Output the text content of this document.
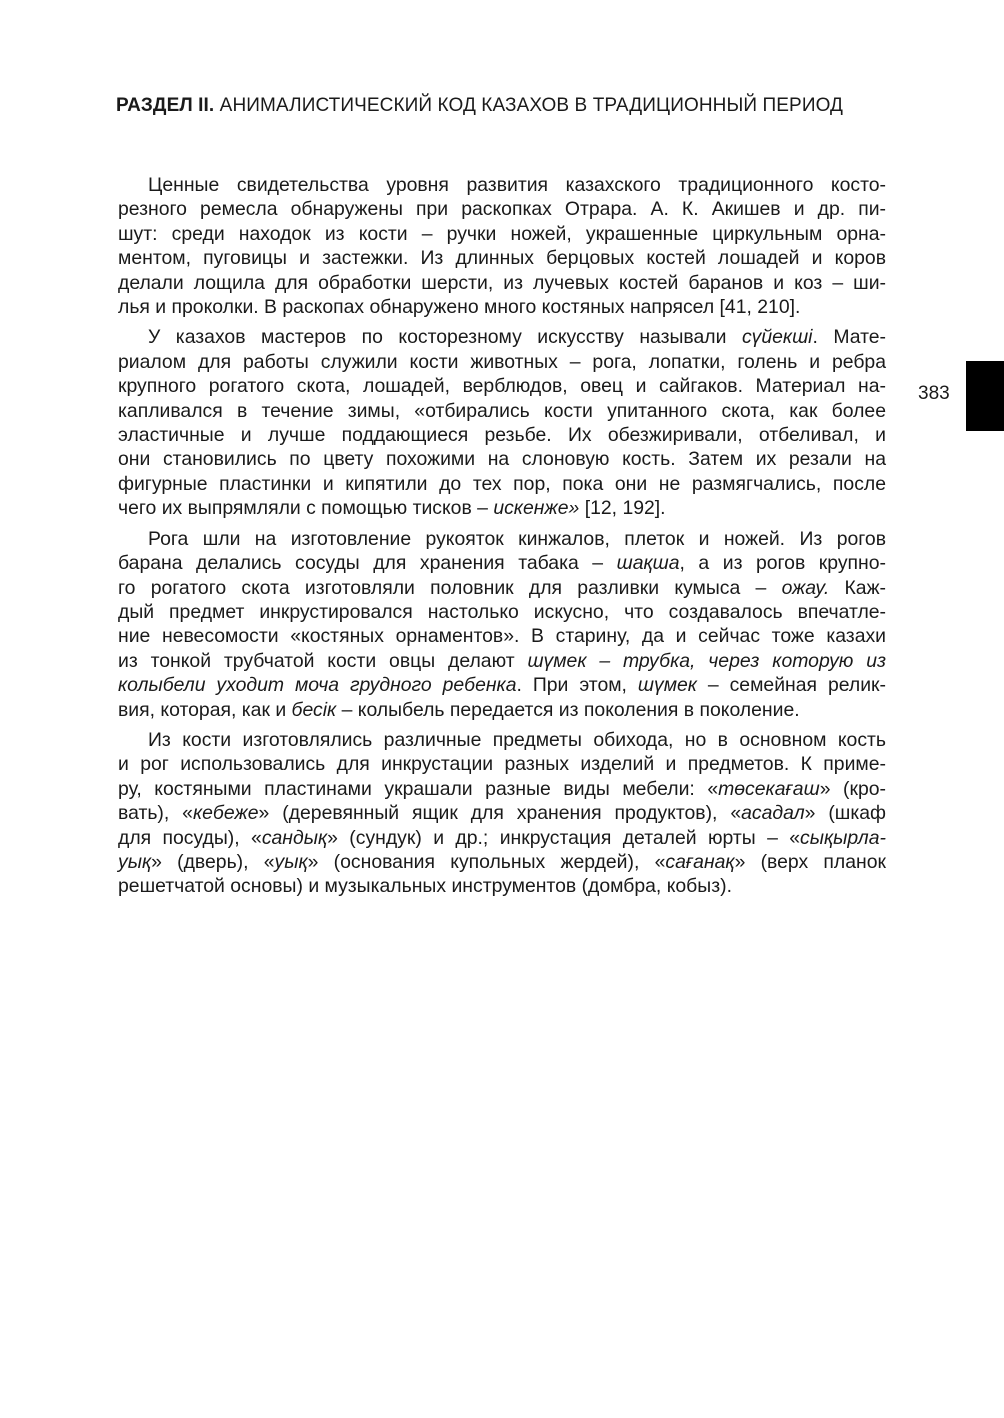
РАЗДЕЛ II. АНИМАЛИСТИЧЕСКИЙ КОД КАЗАХОВ В ТРАДИЦИОННЫЙ ПЕРИОД
383
Ценные свидетельства уровня развития казахского традиционного косто-
резного ремесла обнаружены при раскопках Отрара. А. К. Акишев и др. пи-
шут: среди находок из кости – ручки ножей, украшенные циркульным орна-
ментом, пуговицы и застежки. Из длинных берцовых костей лошадей и коров
делали лощила для обработки шерсти, из лучевых костей баранов и коз – ши-
лья и проколки. В раскопах обнаружено много костяных напрясел [41, 210].
У казахов мастеров по косторезному искусству называли сүйекші. Мате-
риалом для работы служили кости животных – рога, лопатки, голень и ребра
крупного рогатого скота, лошадей, верблюдов, овец и сайгаков. Материал на-
капливался в течение зимы, «отбирались кости упитанного скота, как более
эластичные и лучше поддающиеся резьбе. Их обезжиривали, отбеливал, и
они становились по цвету похожими на слоновую кость. Затем их резали на
фигурные пластинки и кипятили до тех пор, пока они не размягчались, после
чего их выпрямляли с помощью тисков – искенже» [12, 192].
Рога шли на изготовление рукояток кинжалов, плеток и ножей. Из рогов
барана делались сосуды для хранения табака – шақша, а из рогов крупно-
го рогатого скота изготовляли половник для разливки кумыса – ожау. Каж-
дый предмет инкрустировался настолько искусно, что создавалось впечатле-
ние невесомости «костяных орнаментов». В старину, да и сейчас тоже казахи
из тонкой трубчатой кости овцы делают шүмек – трубка, через которую из
колыбели уходит моча грудного ребенка. При этом, шүмек – семейная релик-
вия, которая, как и бесік – колыбель передается из поколения в поколение.
Из кости изготовлялись различные предметы обихода, но в основном кость
и рог использовались для инкрустации разных изделий и предметов. К приме-
ру, костяными пластинами украшали разные виды мебели: «төсекағаш» (кро-
вать), «кебеже» (деревянный ящик для хранения продуктов), «асадал» (шкаф
для посуды), «сандық» (сундук) и др.; инкрустация деталей юрты – «сықырла-
уық» (дверь), «уық» (основания купольных жердей), «сағанақ» (верх планок
решетчатой основы) и музыкальных инструментов (домбра, кобыз).
